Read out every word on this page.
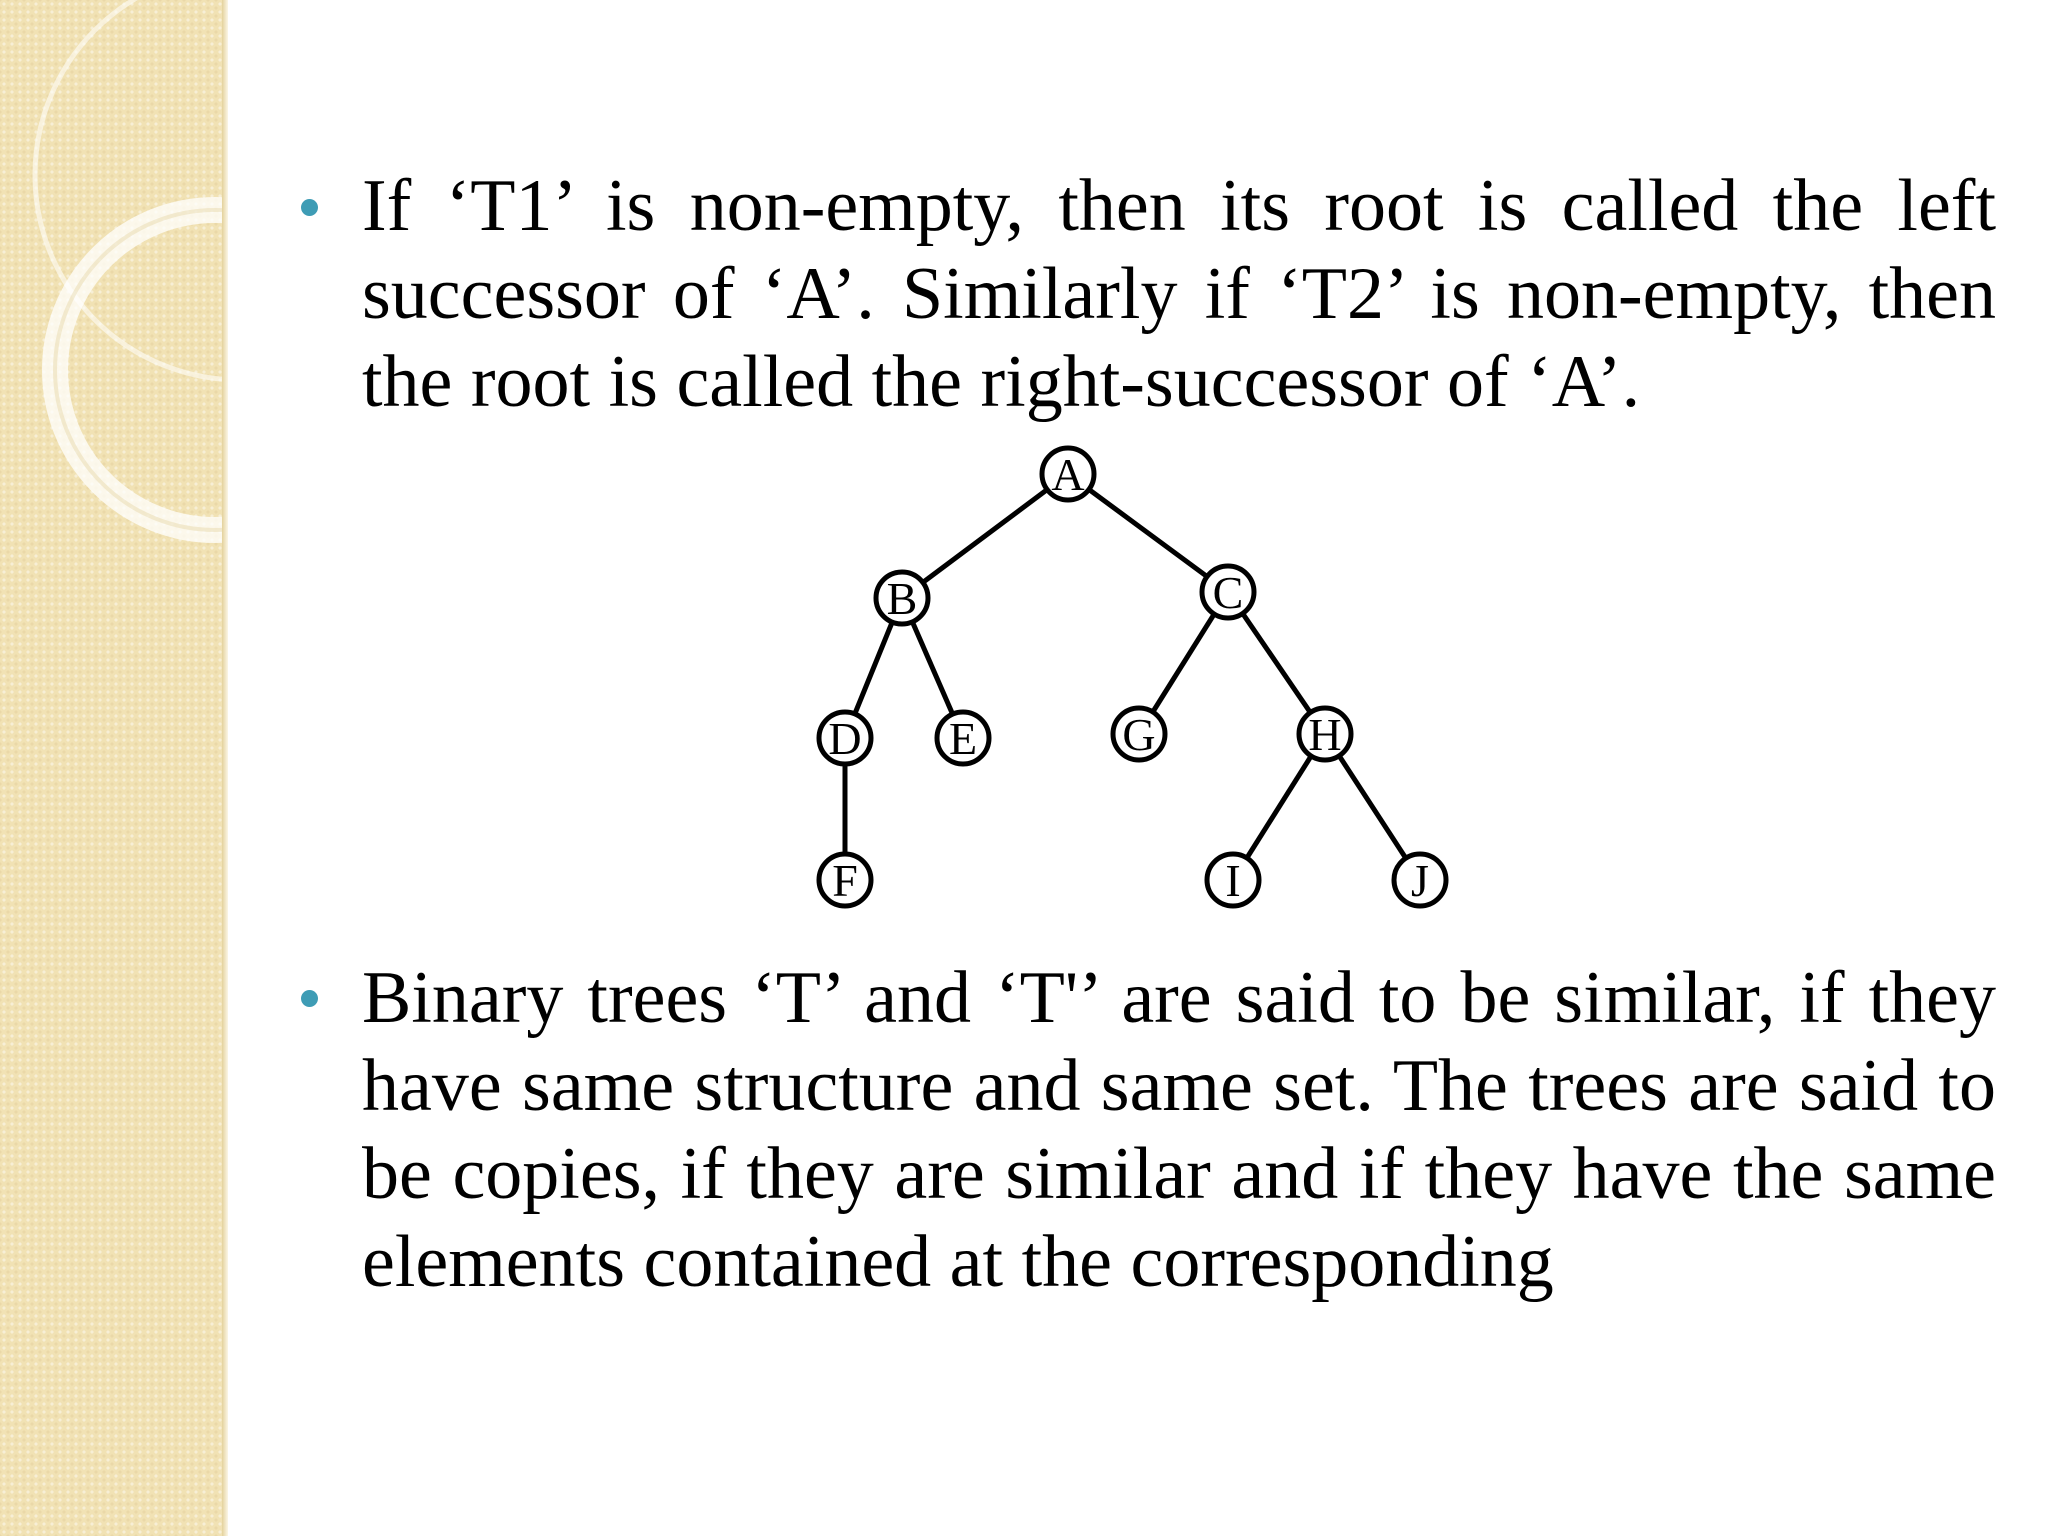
If ‘T1’ is non-empty, then its root is called the left successor of ‘A’. Similarly if ‘T2’ is non-empty, then the root is called the right-successor of ‘A’.
A
B	C
D E	G	H
F	I	J
Binary trees ‘T’ and ‘T'’ are said to be similar, if they have same structure and same set. The trees are said to be copies, if they are similar and if they have the same elements contained at the corresponding
